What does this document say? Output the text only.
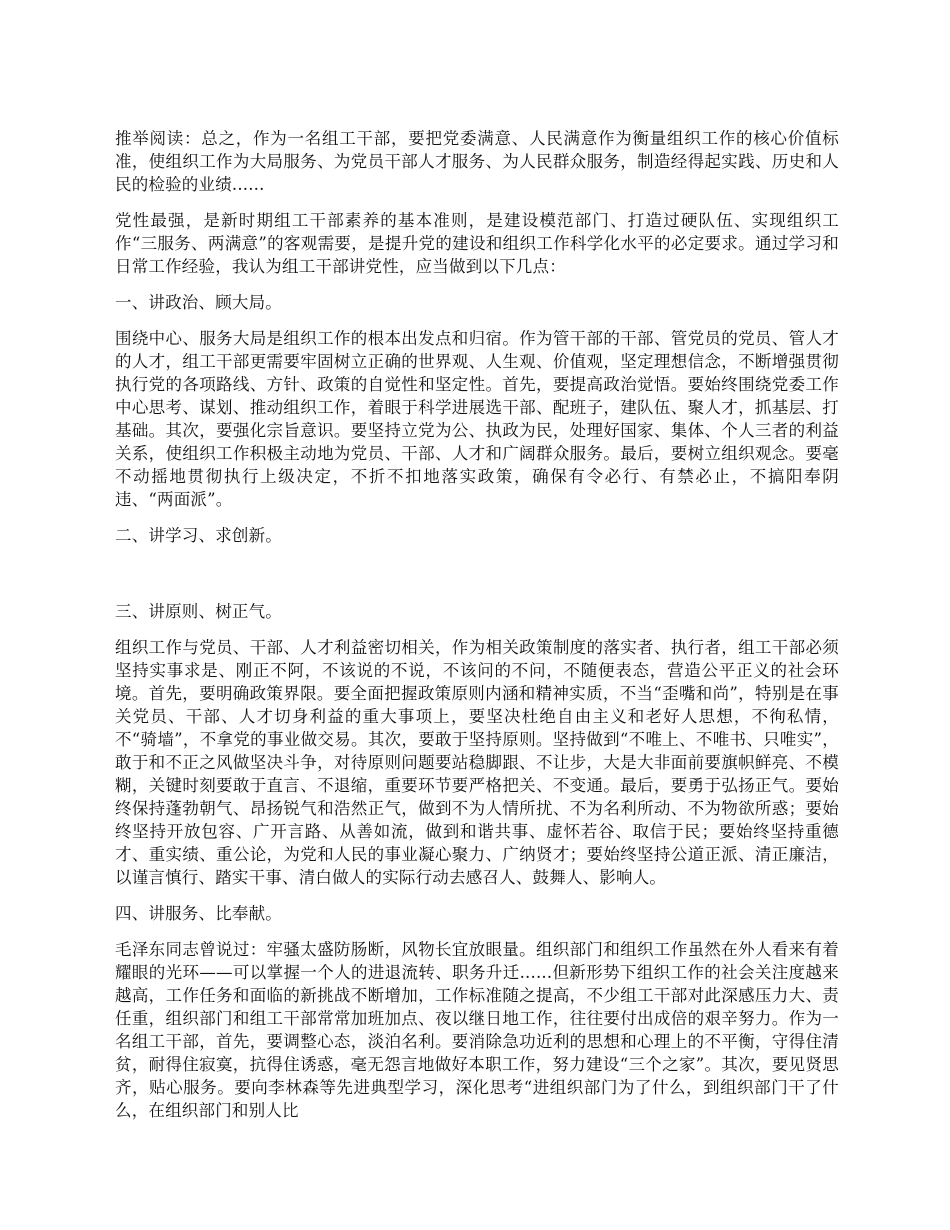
推举阅读：总之，作为一名组工干部，要把党委满意、人民满意作为衡量组织工作的核心价值标准，使组织工作为大局服务、为党员干部人才服务、为人民群众服务，制造经得起实践、历史和人民的检验的业绩......

党性最强，是新时期组工干部素养的基本准则，是建设模范部门、打造过硬队伍、实现组织工作“三服务、两满意”的客观需要，是提升党的建设和组织工作科学化水平的必定要求。通过学习和日常工作经验，我认为组工干部讲党性，应当做到以下几点：

一、讲政治、顾大局。

围绕中心、服务大局是组织工作的根本出发点和归宿。作为管干部的干部、管党员的党员、管人才的人才，组工干部更需要牢固树立正确的世界观、人生观、价值观，坚定理想信念，不断增强贯彻执行党的各项路线、方针、政策的自觉性和坚定性。首先，要提高政治觉悟。要始终围绕党委工作中心思考、谋划、推动组织工作，着眼于科学进展选干部、配班子，建队伍、聚人才，抓基层、打基础。其次，要强化宗旨意识。要坚持立党为公、执政为民，处理好国家、集体、个人三者的利益关系，使组织工作积极主动地为党员、干部、人才和广阔群众服务。最后，要树立组织观念。要毫不动摇地贯彻执行上级决定，不折不扣地落实政策，确保有令必行、有禁必止，不搞阳奉阴违、“两面派”。

二、讲学习、求创新。

三、讲原则、树正气。

组织工作与党员、干部、人才利益密切相关，作为相关政策制度的落实者、执行者，组工干部必须坚持实事求是、刚正不阿，不该说的不说，不该问的不问，不随便表态，营造公平正义的社会环境。首先，要明确政策界限。要全面把握政策原则内涵和精神实质，不当“歪嘴和尚”，特别是在事关党员、干部、人才切身利益的重大事项上，要坚决杜绝自由主义和老好人思想，不徇私情，不“骑墙”，不拿党的事业做交易。其次，要敢于坚持原则。坚持做到“不唯上、不唯书、只唯实”，敢于和不正之风做坚决斗争，对待原则问题要站稳脚跟、不让步，大是大非面前要旗帜鲜亮、不模糊，关键时刻要敢于直言、不退缩，重要环节要严格把关、不变通。最后，要勇于弘扬正气。要始终保持蓬勃朝气、昂扬锐气和浩然正气，做到不为人情所扰、不为名利所动、不为物欲所惑；要始终坚持开放包容、广开言路、从善如流，做到和谐共事、虚怀若谷、取信于民；要始终坚持重德才、重实绩、重公论，为党和人民的事业凝心聚力、广纳贤才；要始终坚持公道正派、清正廉洁，以谨言慎行、踏实干事、清白做人的实际行动去感召人、鼓舞人、影响人。

四、讲服务、比奉献。

毛泽东同志曾说过：牢骚太盛防肠断，风物长宜放眼量。组织部门和组织工作虽然在外人看来有着耀眼的光环——可以掌握一个人的进退流转、职务升迁......但新形势下组织工作的社会关注度越来越高，工作任务和面临的新挑战不断增加，工作标准随之提高，不少组工干部对此深感压力大、责任重，组织部门和组工干部常常加班加点、夜以继日地工作，往往要付出成倍的艰辛努力。作为一名组工干部，首先，要调整心态，淡泊名利。要消除急功近利的思想和心理上的不平衡，守得住清贫，耐得住寂寞，抗得住诱惑，毫无怨言地做好本职工作，努力建设“三个之家”。其次，要见贤思齐，贴心服务。要向李林森等先进典型学习，深化思考“进组织部门为了什么，到组织部门干了什么，在组织部门和别人比
